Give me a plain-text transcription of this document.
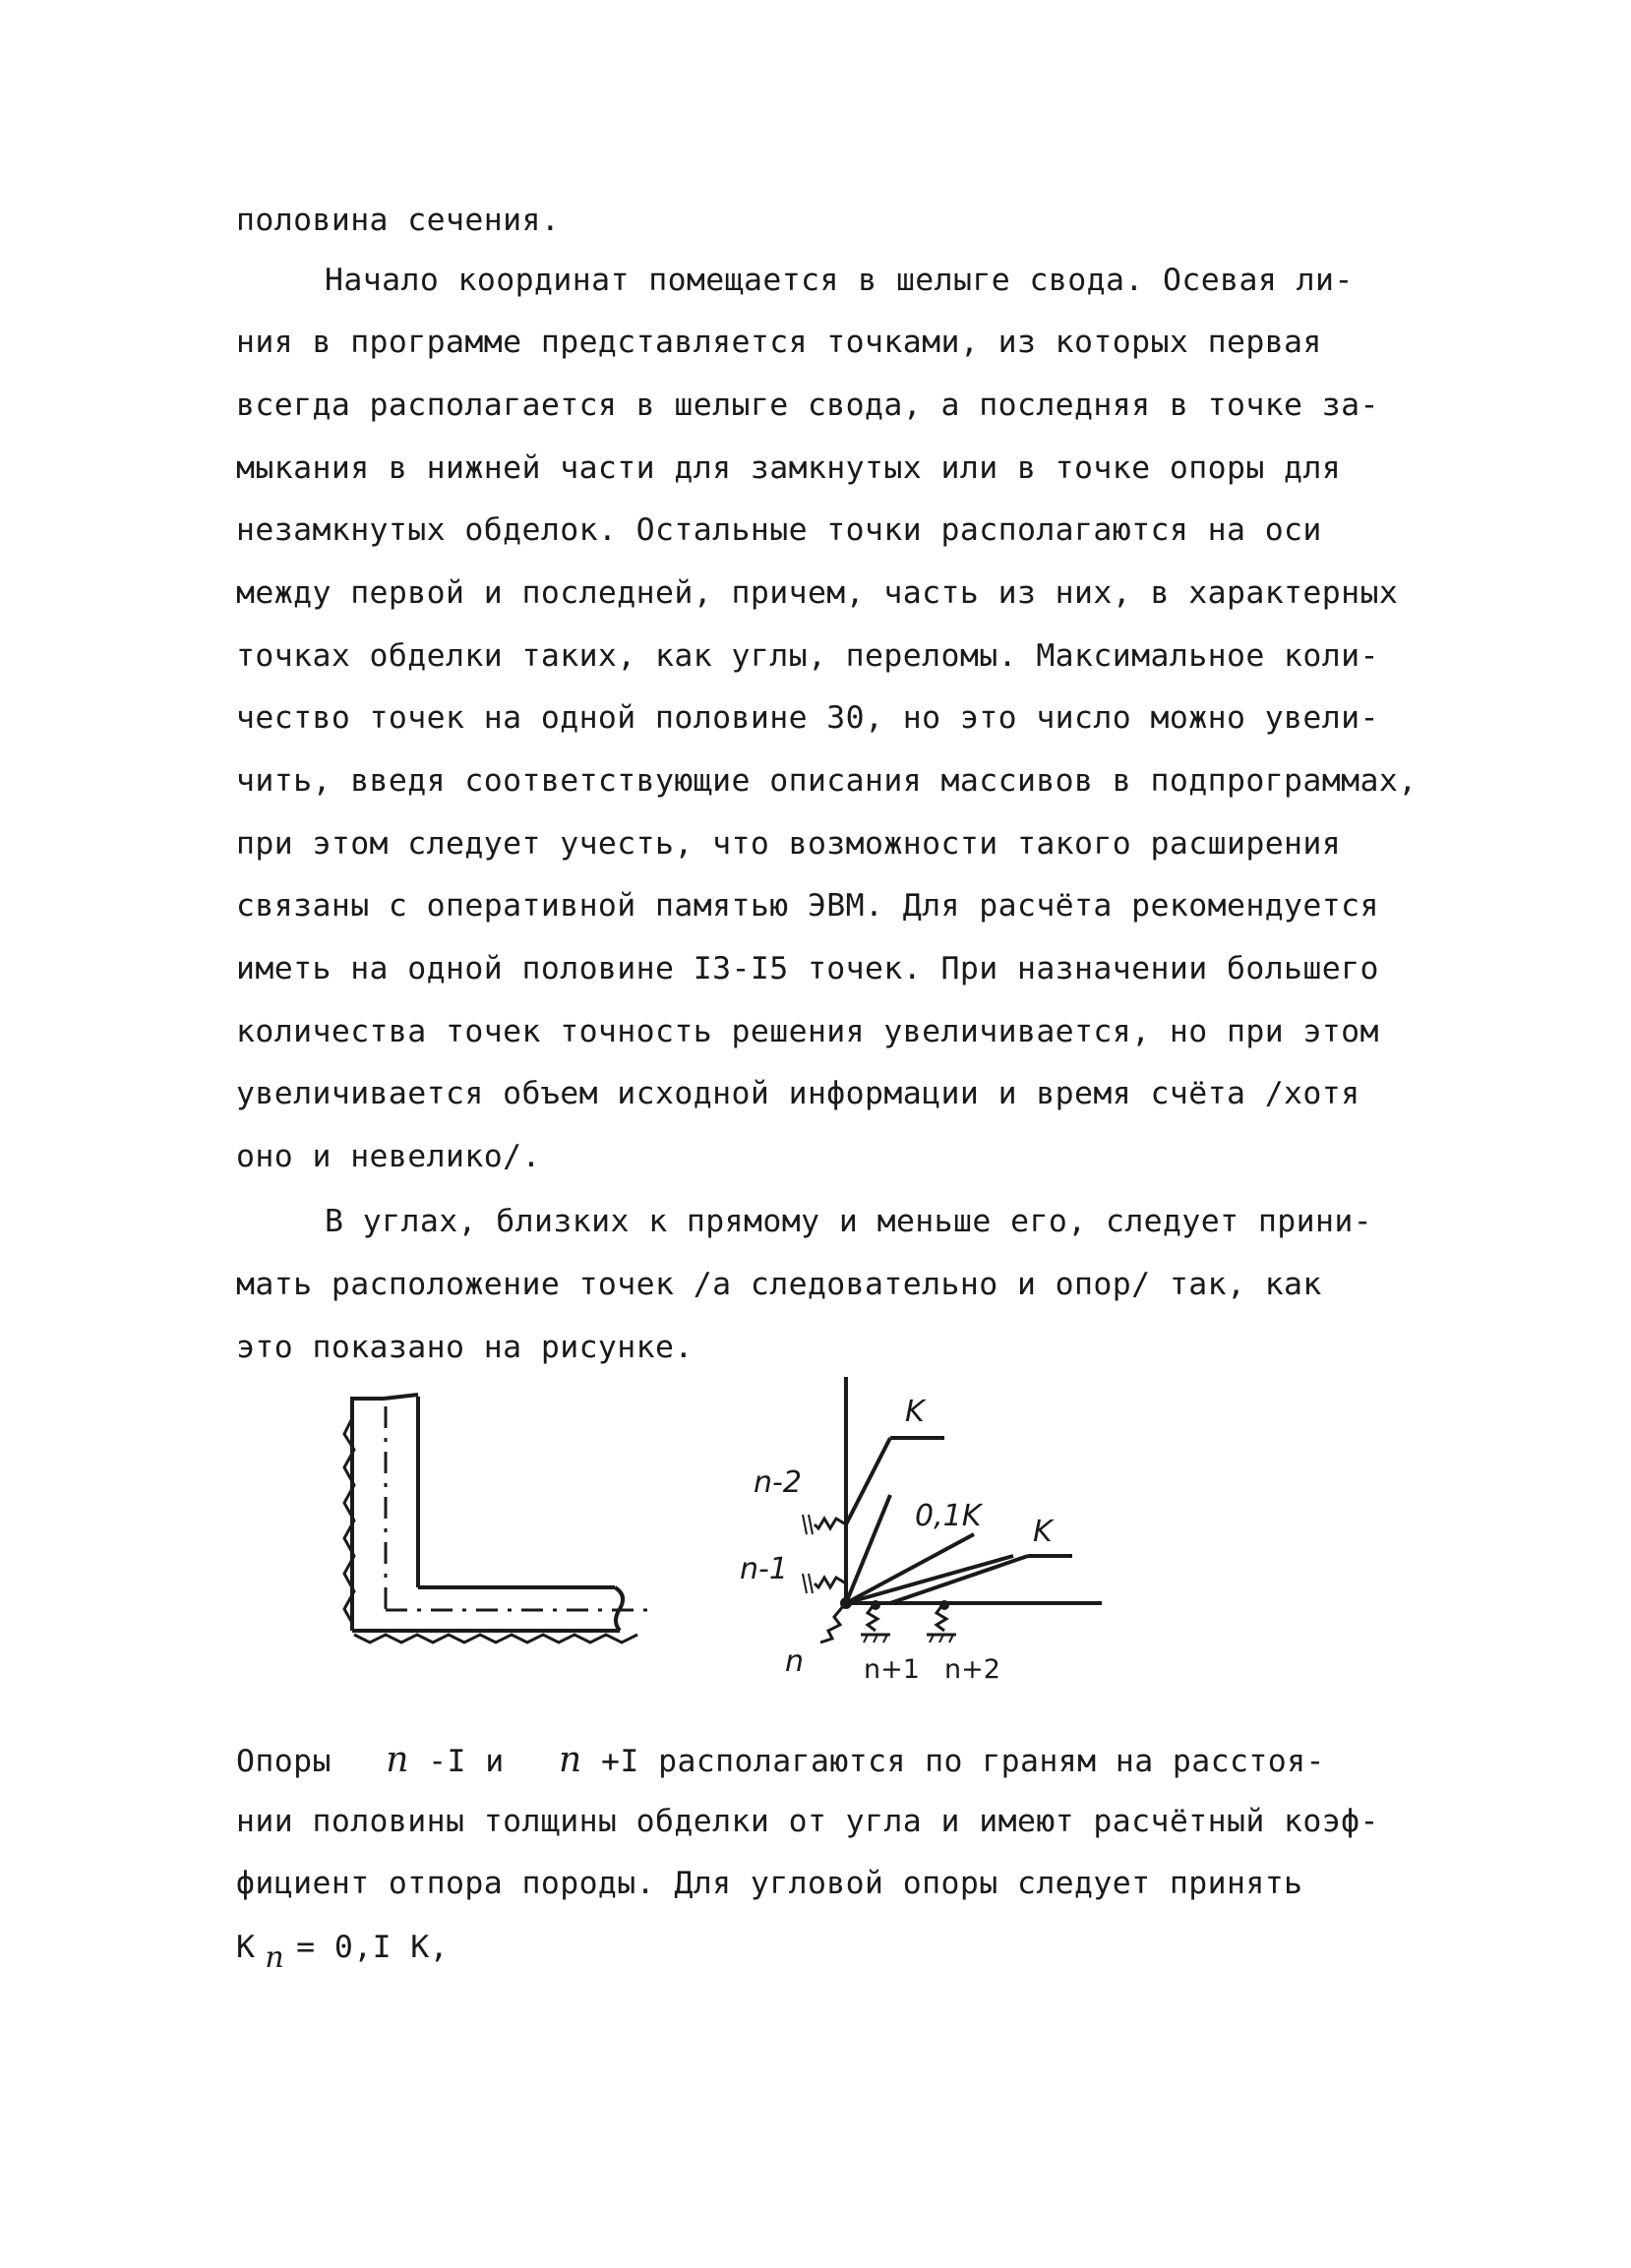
половина сечения.

Начало координат помещается в шелыге свода. Осевая ли-

ния в программе представляется точками, из которых первая

всегда располагается в шелыге свода, а последняя в точке за-

мыкания в нижней части для замкнутых или в точке опоры для

незамкнутых обделок. Остальные точки располагаются на оси

между первой и последней, причем, часть из них, в характерных

точках обделки таких, как углы, переломы. Максимальное коли-

чество точек на одной половине 30, но это число можно увели-

чить, введя соответствующие описания массивов в подпрограммах,

при этом следует учесть, что возможности такого расширения

связаны с оперативной памятью ЭВМ. Для расчёта рекомендуется

иметь на одной половине I3-I5 точек. При назначении большего

количества точек точность решения увеличивается, но при этом

увеличивается объем исходной информации и время счёта /хотя

оно и невелико/.

В углах, близких к прямому и меньше его, следует прини-

мать расположение точек /а следовательно и опор/ так, как

это показано на рисунке.

K
n-2
0,1K K
n-1
n n+1 n+2

Опоры n -I и n +I располагаются по граням на расстоя-

нии половины толщины обделки от угла и имеют расчётный коэф-

фициент отпора породы. Для угловой опоры следует принять

К n = 0,I К,
